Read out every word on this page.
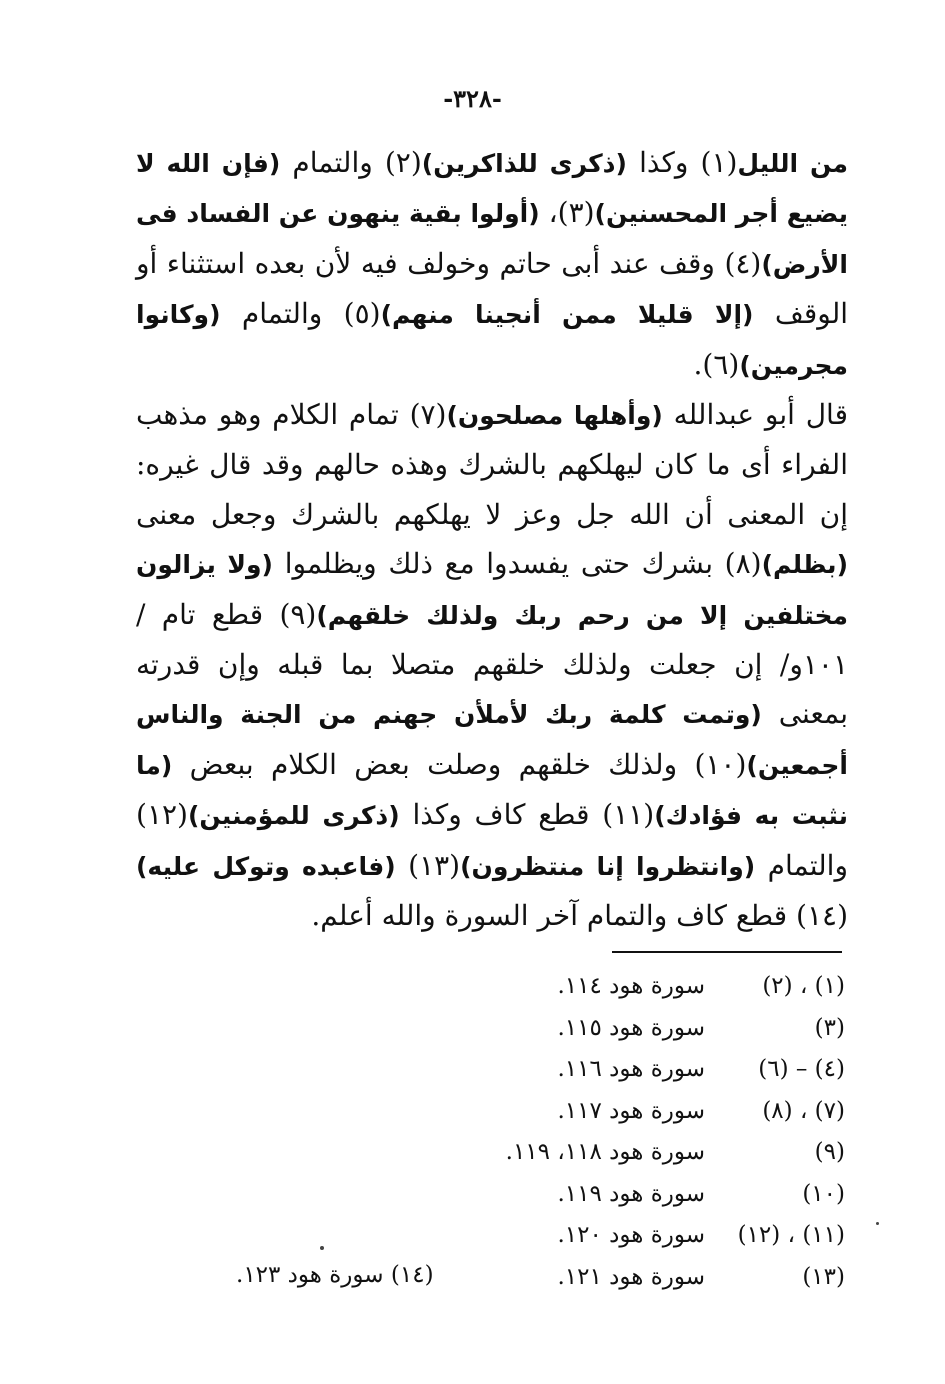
-٣٢٨-

من الليل(١) وكذا (ذكرى للذاكرين)(٢) والتمام (فإن الله لا يضيع أجر المحسنين)(٣)، (أولوا بقية ينهون عن الفساد فى الأرض)(٤) وقف عند أبى حاتم وخولف فيه لأن بعده استثناء أو الوقف (إلا قليلا ممن أنجينا منهم)(٥) والتمام (وكانوا مجرمين)(٦).

قال أبو عبدالله (وأهلها مصلحون)(٧) تمام الكلام وهو مذهب الفراء أى ما كان ليهلكهم بالشرك وهذه حالهم وقد قال غيره: إن المعنى أن الله جل وعز لا يهلكهم بالشرك وجعل معنى (بظلم)(٨) بشرك حتى يفسدوا مع ذلك ويظلموا (ولا يزالون مختلفين إلا من رحم ربك ولذلك خلقهم)(٩) قطع تام /١٠١و/ إن جعلت ولذلك خلقهم متصلا بما قبله وإن قدرته بمعنى (وتمت كلمة ربك لأملأن جهنم من الجنة والناس أجمعين)(١٠) ولذلك خلقهم وصلت بعض الكلام ببعض (ما نثبت به فؤادك)(١١) قطع كاف وكذا (ذكرى للمؤمنين)(١٢) والتمام (وانتظروا إنا منتظرون)(١٣) (فاعبده وتوكل عليه)(١٤) قطع كاف والتمام آخر السورة والله أعلم.

(١) ، (٢)
سورة هود ١١٤.
(٣)
سورة هود ١١٥.
(٤) – (٦)
سورة هود ١١٦.
(٧) ، (٨)
سورة هود ١١٧.
(٩)
سورة هود ١١٨، ١١٩.
(١٠)
سورة هود ١١٩.
(١١) ، (١٢)
سورة هود ١٢٠.
(١٣)
سورة هود ١٢١.
(١٤) سورة هود ١٢٣.
